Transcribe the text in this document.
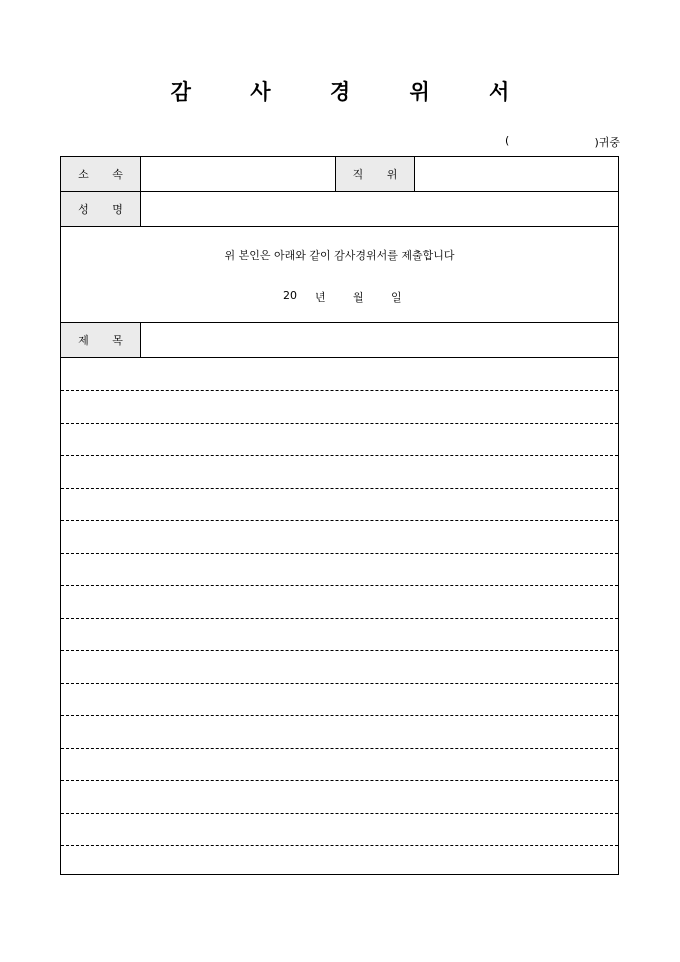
감 사 경 위 서
(	)귀중
소 속	직 위
성 명
위 본인은 아래와 같이 감사경위서를 제출합니다
20 년 월 일
제 목
